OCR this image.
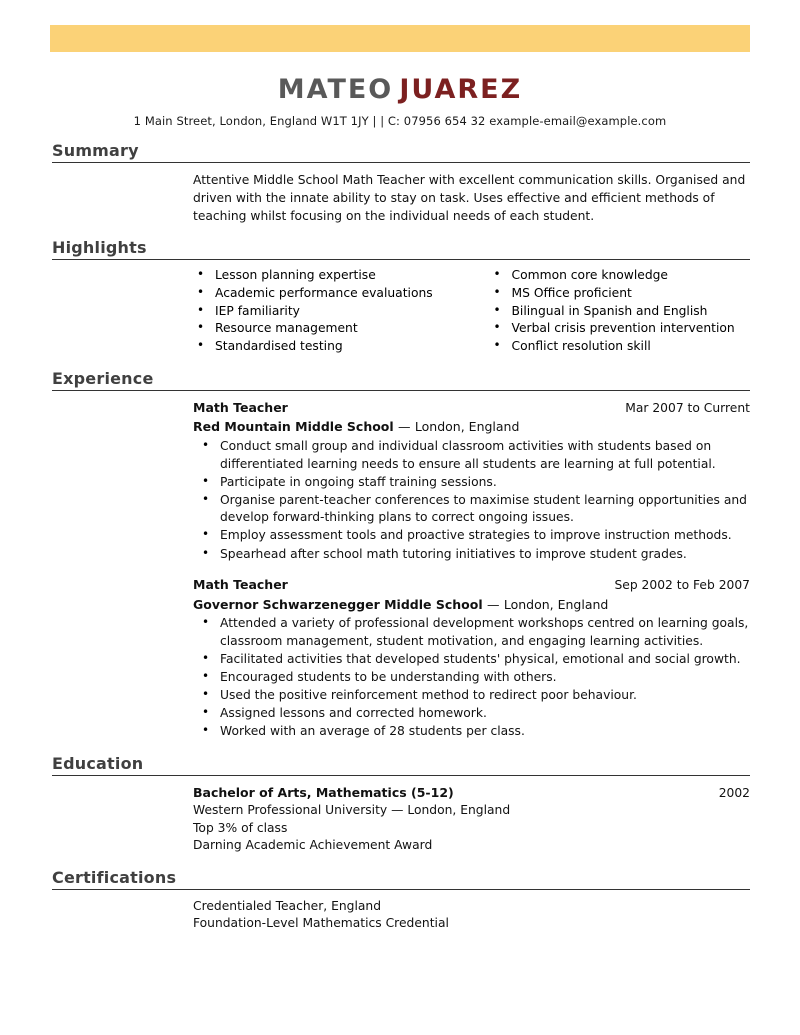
MATEO JUAREZ
1 Main Street, London, England W1T 1JY | | C: 07956 654 32 example-email@example.com
Summary
Attentive Middle School Math Teacher with excellent communication skills. Organised and driven with the innate ability to stay on task. Uses effective and efficient methods of teaching whilst focusing on the individual needs of each student.
Highlights
• Lesson planning expertise
• Academic performance evaluations
• IEP familiarity
• Resource management
• Standardised testing
• Common core knowledge
• MS Office proficient
• Bilingual in Spanish and English
• Verbal crisis prevention intervention
• Conflict resolution skill
Experience
Math Teacher	Mar 2007 to Current
Red Mountain Middle School — London, England
• Conduct small group and individual classroom activities with students based on differentiated learning needs to ensure all students are learning at full potential.
• Participate in ongoing staff training sessions.
• Organise parent-teacher conferences to maximise student learning opportunities and develop forward-thinking plans to correct ongoing issues.
• Employ assessment tools and proactive strategies to improve instruction methods.
• Spearhead after school math tutoring initiatives to improve student grades.
Math Teacher	Sep 2002 to Feb 2007
Governor Schwarzenegger Middle School — London, England
• Attended a variety of professional development workshops centred on learning goals, classroom management, student motivation, and engaging learning activities.
• Facilitated activities that developed students' physical, emotional and social growth.
• Encouraged students to be understanding with others.
• Used the positive reinforcement method to redirect poor behaviour.
• Assigned lessons and corrected homework.
• Worked with an average of 28 students per class.
Education
Bachelor of Arts, Mathematics (5-12)	2002
Western Professional University — London, England
Top 3% of class
Darning Academic Achievement Award
Certifications
Credentialed Teacher, England
Foundation-Level Mathematics Credential
